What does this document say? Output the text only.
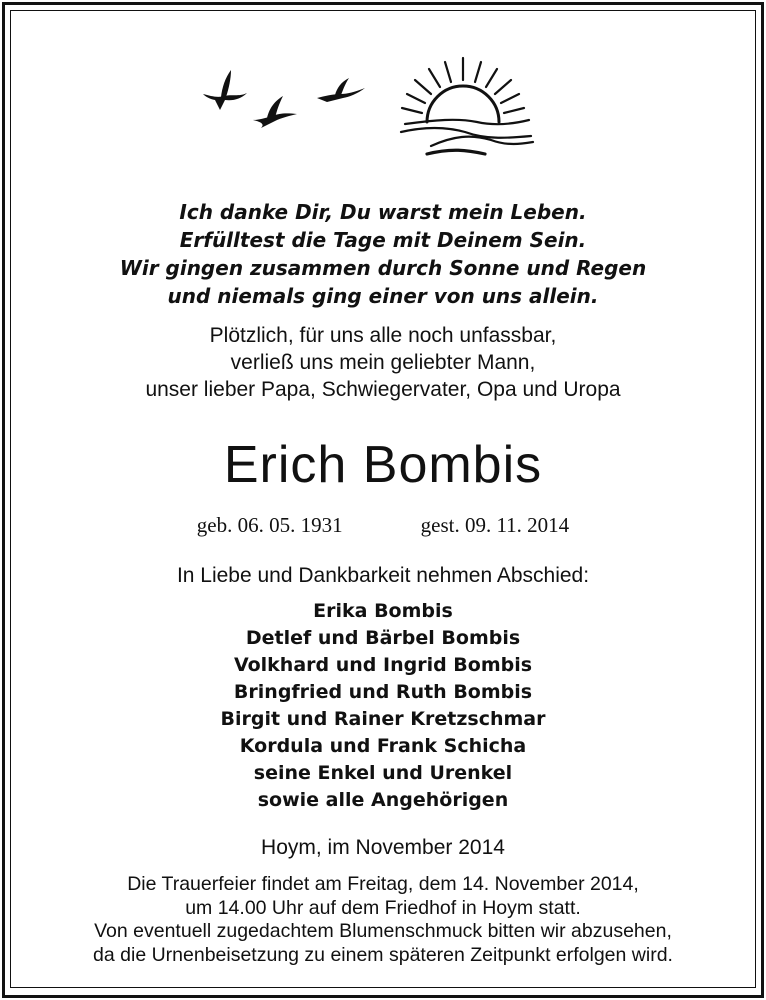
Ich danke Dir, Du warst mein Leben.
Erfülltest die Tage mit Deinem Sein.
Wir gingen zusammen durch Sonne und Regen
und niemals ging einer von uns allein.
Plötzlich, für uns alle noch unfassbar,
verließ uns mein geliebter Mann,
unser lieber Papa, Schwiegervater, Opa und Uropa
Erich Bombis
geb. 06. 05. 1931	gest. 09. 11. 2014
In Liebe und Dankbarkeit nehmen Abschied:
Erika Bombis
Detlef und Bärbel Bombis
Volkhard und Ingrid Bombis
Bringfried und Ruth Bombis
Birgit und Rainer Kretzschmar
Kordula und Frank Schicha
seine Enkel und Urenkel
sowie alle Angehörigen
Hoym, im November 2014
Die Trauerfeier findet am Freitag, dem 14. November 2014,
um 14.00 Uhr auf dem Friedhof in Hoym statt.
Von eventuell zugedachtem Blumenschmuck bitten wir abzusehen,
da die Urnenbeisetzung zu einem späteren Zeitpunkt erfolgen wird.
